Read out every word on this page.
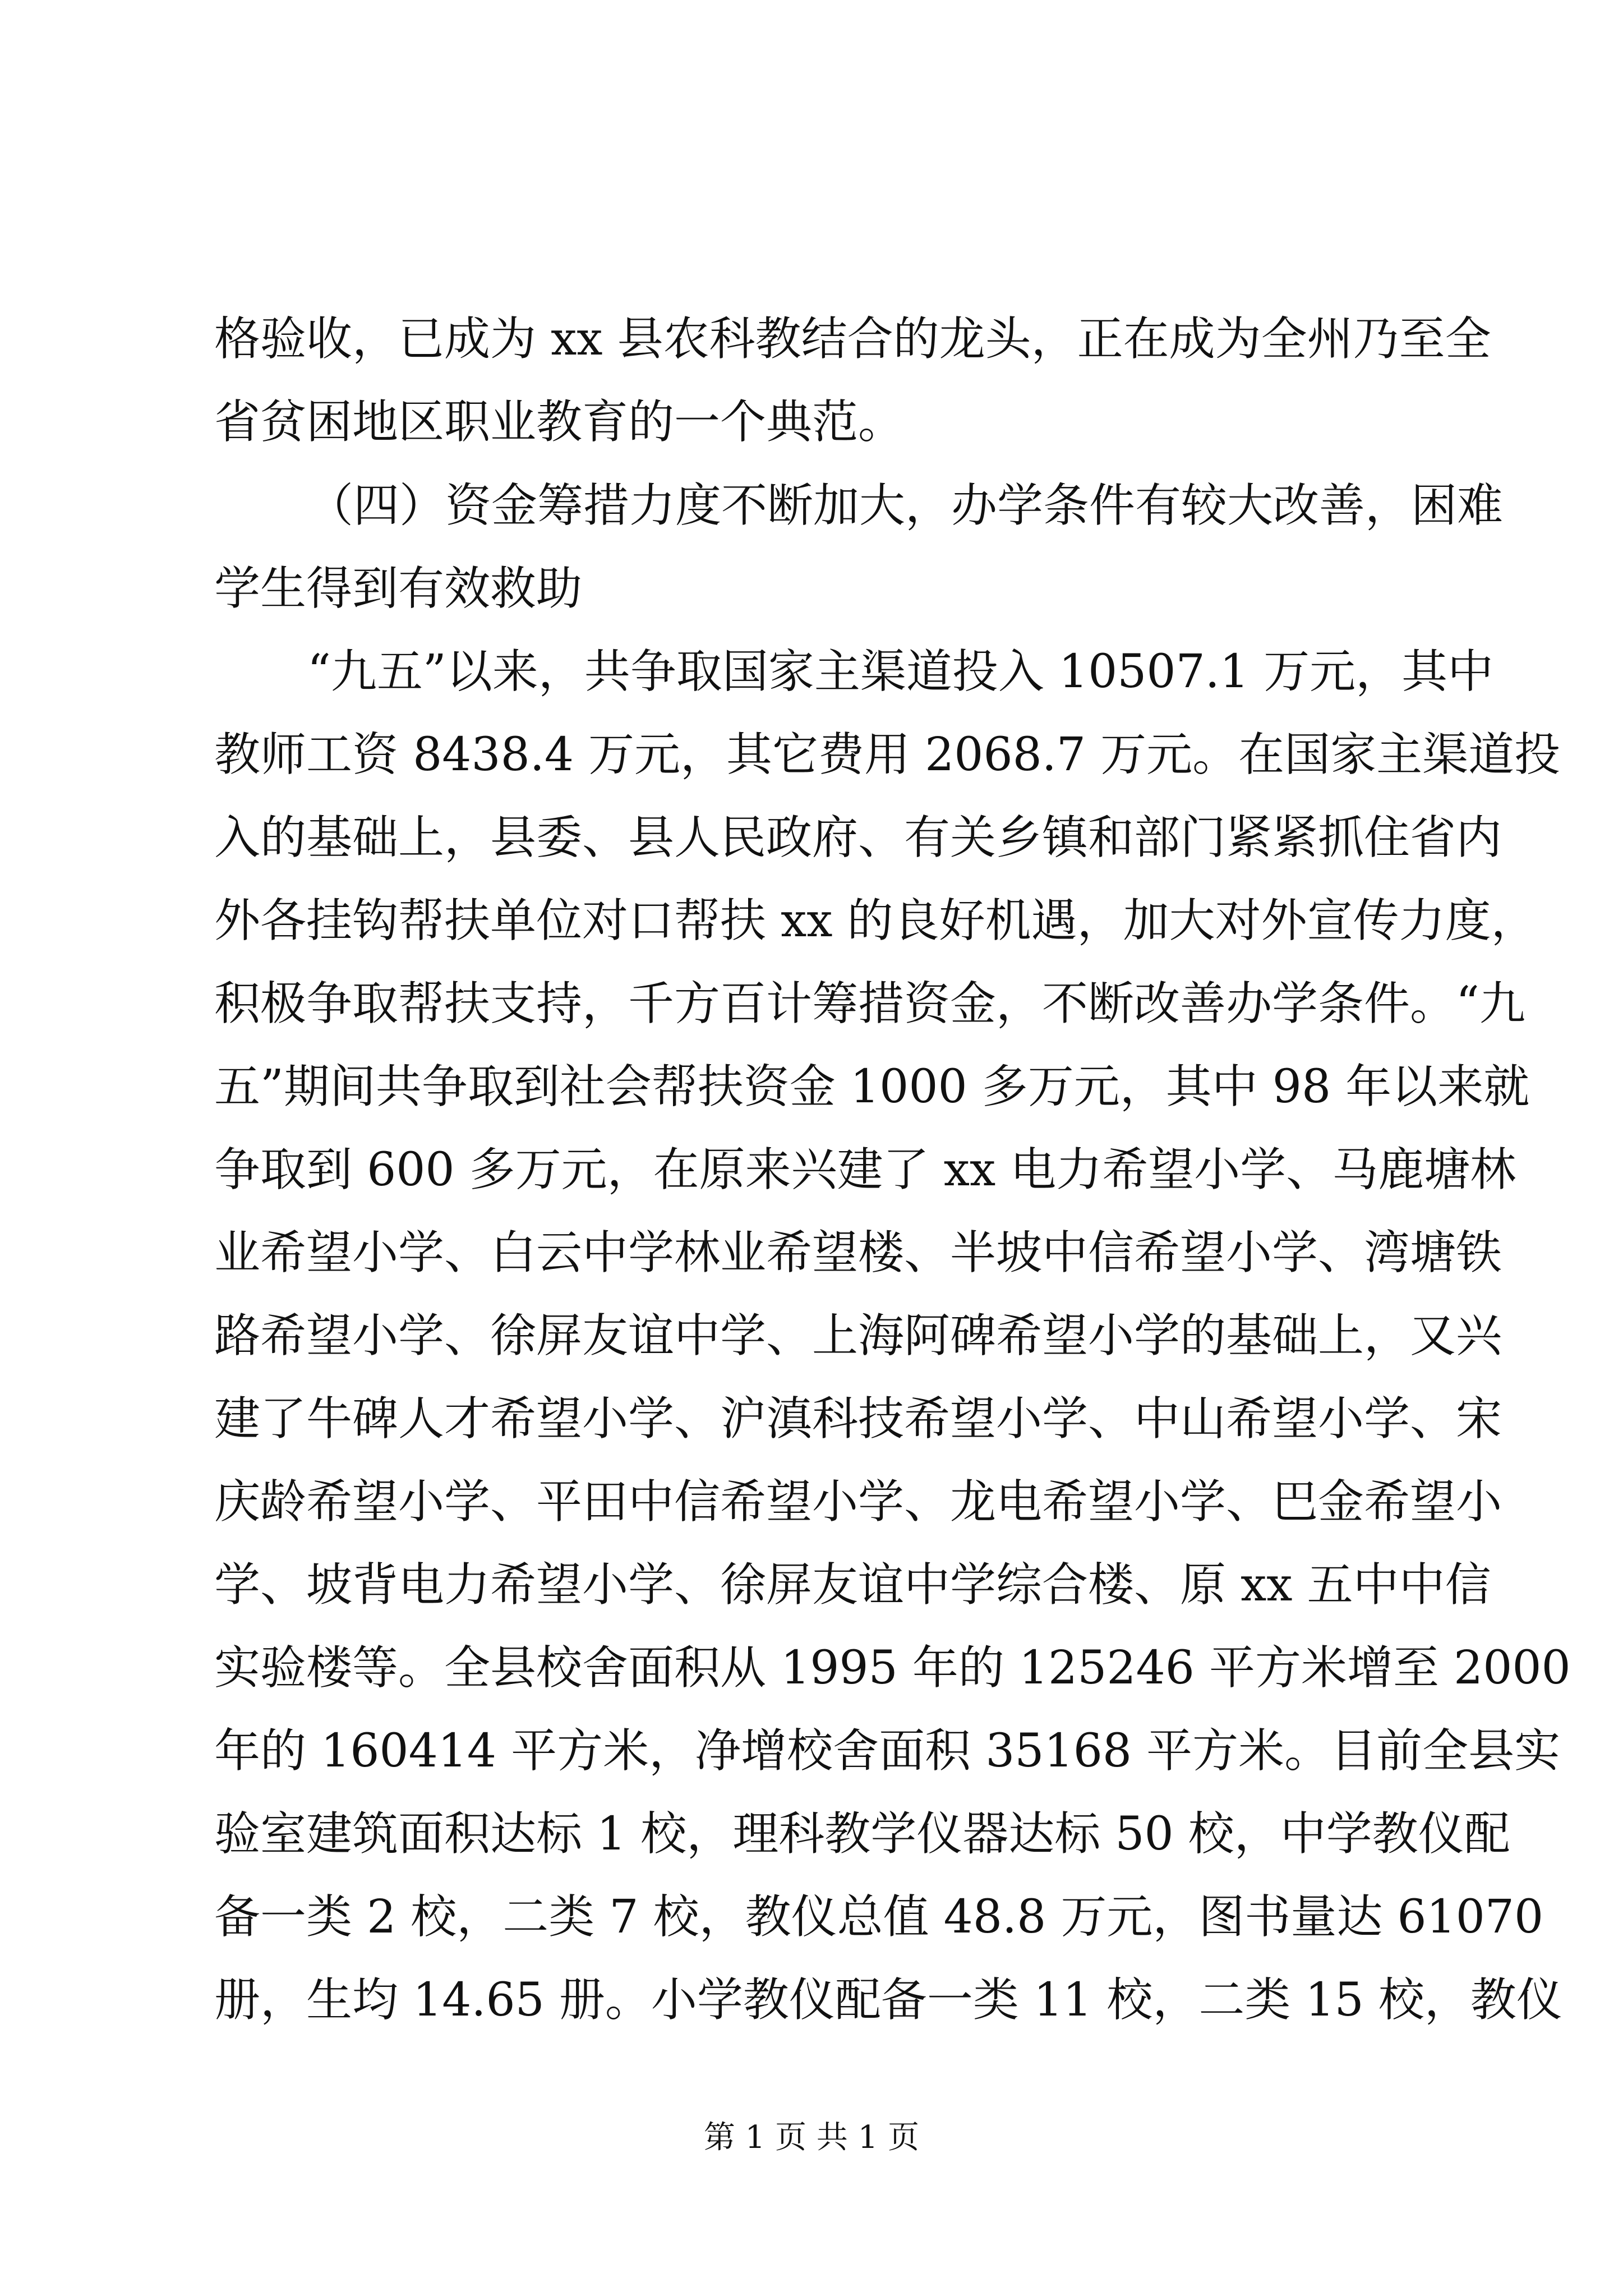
格验收，已成为 xx 县农科教结合的龙头，正在成为全州乃至全
省贫困地区职业教育的一个典范。
（四）资金筹措力度不断加大，办学条件有较大改善，困难
学生得到有效救助
“九五”以来，共争取国家主渠道投入 10507.1 万元，其中
教师工资 8438.4 万元，其它费用 2068.7 万元。在国家主渠道投
入的基础上，县委、县人民政府、有关乡镇和部门紧紧抓住省内
外各挂钩帮扶单位对口帮扶 xx 的良好机遇，加大对外宣传力度，
积极争取帮扶支持，千方百计筹措资金，不断改善办学条件。“九
五”期间共争取到社会帮扶资金 1000 多万元，其中 98 年以来就
争取到 600 多万元，在原来兴建了 xx 电力希望小学、马鹿塘林
业希望小学、白云中学林业希望楼、半坡中信希望小学、湾塘铁
路希望小学、徐屏友谊中学、上海阿碑希望小学的基础上，又兴
建了牛碑人才希望小学、沪滇科技希望小学、中山希望小学、宋
庆龄希望小学、平田中信希望小学、龙电希望小学、巴金希望小
学、坡背电力希望小学、徐屏友谊中学综合楼、原 xx 五中中信
实验楼等。全县校舍面积从 1995 年的 125246 平方米增至 2000
年的 160414 平方米，净增校舍面积 35168 平方米。目前全县实
验室建筑面积达标 1 校，理科教学仪器达标 50 校，中学教仪配
备一类 2 校，二类 7 校，教仪总值 48.8 万元，图书量达 61070
册，生均 14.65 册。小学教仪配备一类 11 校，二类 15 校，教仪
第 1 页 共 1 页
